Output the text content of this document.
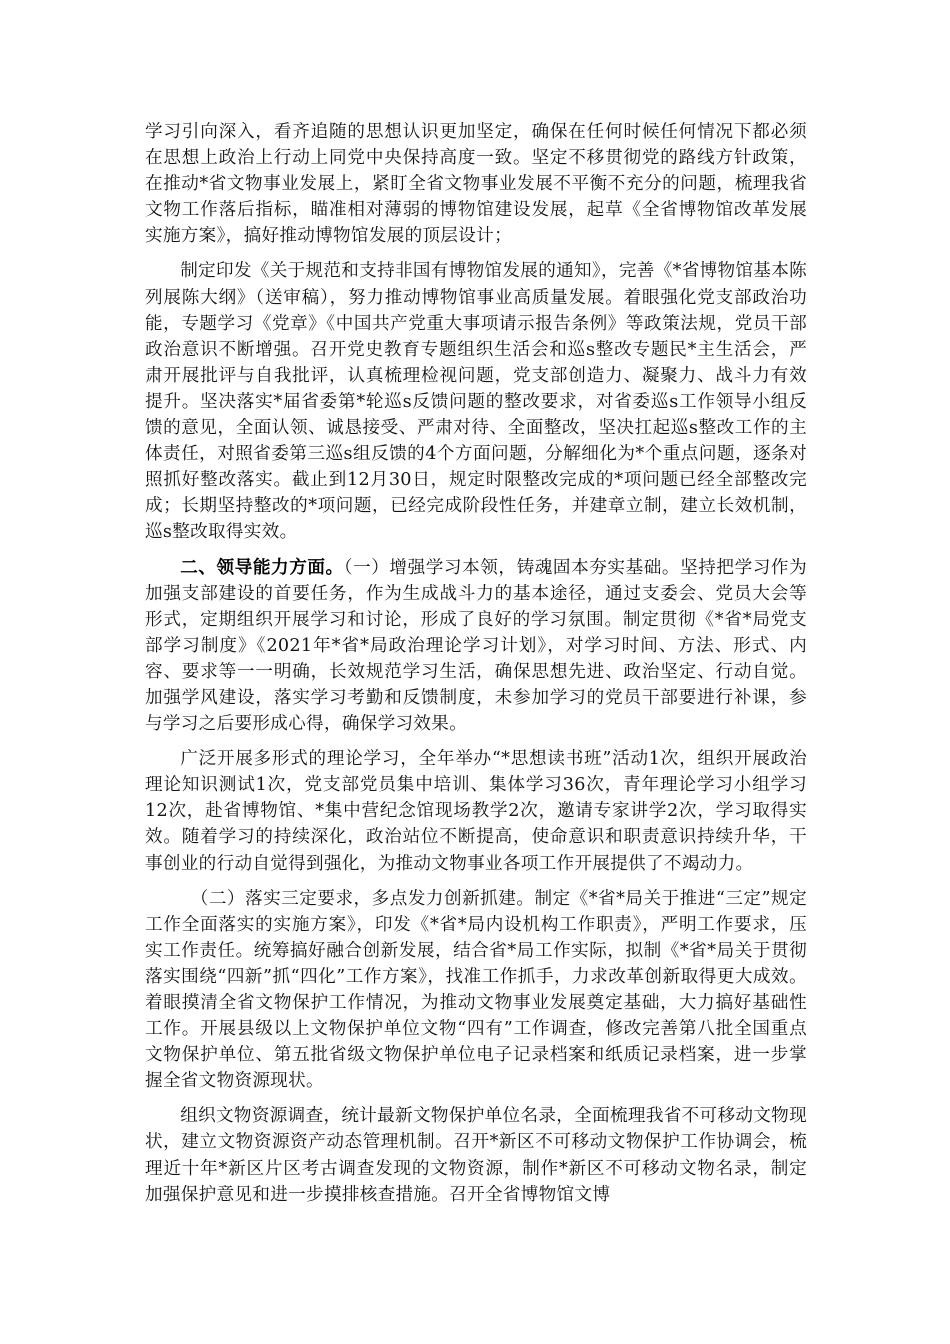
学习引向深入，看齐追随的思想认识更加坚定，确保在任何时候任何情况下都必须在思想上政治上行动上同党中央保持高度一致。坚定不移贯彻党的路线方针政策，在推动*省文物事业发展上，紧盯全省文物事业发展不平衡不充分的问题，梳理我省文物工作落后指标，瞄准相对薄弱的博物馆建设发展，起草《全省博物馆改革发展实施方案》，搞好推动博物馆发展的顶层设计；

制定印发《关于规范和支持非国有博物馆发展的通知》，完善《*省博物馆基本陈列展陈大纲》（送审稿），努力推动博物馆事业高质量发展。着眼强化党支部政治功能，专题学习《党章》《中国共产党重大事项请示报告条例》等政策法规，党员干部政治意识不断增强。召开党史教育专题组织生活会和巡s整改专题民*主生活会，严肃开展批评与自我批评，认真梳理检视问题，党支部创造力、凝聚力、战斗力有效提升。坚决落实*届省委第*轮巡s反馈问题的整改要求，对省委巡s工作领导小组反馈的意见，全面认领、诚恳接受、严肃对待、全面整改，坚决扛起巡s整改工作的主体责任，对照省委第三巡s组反馈的4个方面问题，分解细化为*个重点问题，逐条对照抓好整改落实。截止到12月30日，规定时限整改完成的*项问题已经全部整改完成；长期坚持整改的*项问题，已经完成阶段性任务，并建章立制，建立长效机制，巡s整改取得实效。

二、领导能力方面。（一）增强学习本领，铸魂固本夯实基础。坚持把学习作为加强支部建设的首要任务，作为生成战斗力的基本途径，通过支委会、党员大会等形式，定期组织开展学习和讨论，形成了良好的学习氛围。制定贯彻《*省*局党支部学习制度》《2021年*省*局政治理论学习计划》，对学习时间、方法、形式、内容、要求等一一明确，长效规范学习生活，确保思想先进、政治坚定、行动自觉。加强学风建设，落实学习考勤和反馈制度，未参加学习的党员干部要进行补课，参与学习之后要形成心得，确保学习效果。

广泛开展多形式的理论学习，全年举办“*思想读书班”活动1次，组织开展政治理论知识测试1次，党支部党员集中培训、集体学习36次，青年理论学习小组学习12次，赴省博物馆、*集中营纪念馆现场教学2次，邀请专家讲学2次，学习取得实效。随着学习的持续深化，政治站位不断提高，使命意识和职责意识持续升华，干事创业的行动自觉得到强化，为推动文物事业各项工作开展提供了不竭动力。

（二）落实三定要求，多点发力创新抓建。制定《*省*局关于推进“三定”规定工作全面落实的实施方案》，印发《*省*局内设机构工作职责》，严明工作要求，压实工作责任。统筹搞好融合创新发展，结合省*局工作实际，拟制《*省*局关于贯彻落实围绕“四新”抓“四化”工作方案》，找准工作抓手，力求改革创新取得更大成效。着眼摸清全省文物保护工作情况，为推动文物事业发展奠定基础，大力搞好基础性工作。开展县级以上文物保护单位文物“四有”工作调查，修改完善第八批全国重点文物保护单位、第五批省级文物保护单位电子记录档案和纸质记录档案，进一步掌握全省文物资源现状。

组织文物资源调查，统计最新文物保护单位名录，全面梳理我省不可移动文物现状，建立文物资源资产动态管理机制。召开*新区不可移动文物保护工作协调会，梳理近十年*新区片区考古调查发现的文物资源，制作*新区不可移动文物名录，制定加强保护意见和进一步摸排核查措施。召开全省博物馆文博
